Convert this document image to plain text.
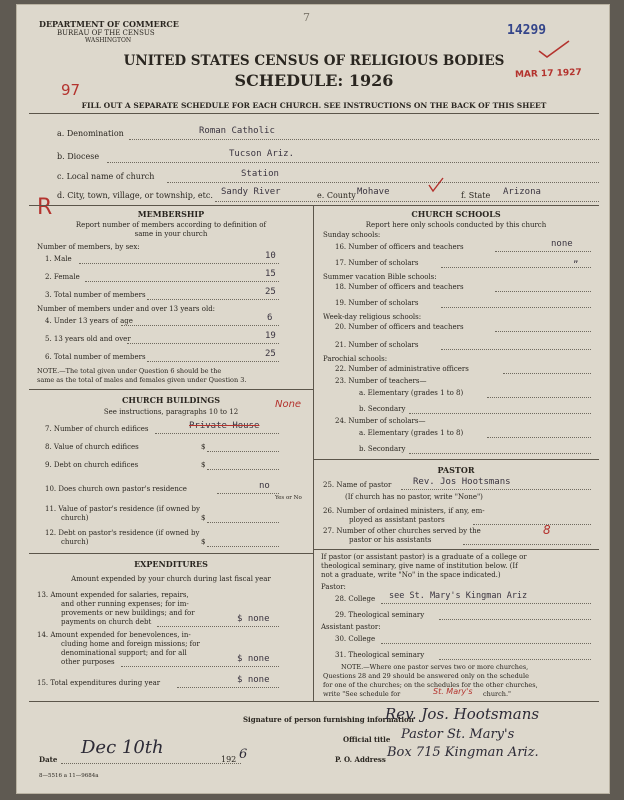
DEPARTMENT OF COMMERCE
BUREAU OF THE CENSUS
WASHINGTON
7
14299
UNITED STATES CENSUS OF RELIGIOUS BODIES
SCHEDULE: 1926	MAR 17 1927
97
FILL OUT A SEPARATE SCHEDULE FOR EACH CHURCH. SEE INSTRUCTIONS ON THE BACK OF THIS SHEET
a. Denomination	Roman Catholic
b. Diocese	Tucson Ariz.
c. Local name of church	Station
d. City, town, village, or township, etc. Sandy River	e. County Mohave	f. State Arizona
R	MEMBERSHIP
Report number of members according to definition of
same in your church
Number of members, by sex:
1. Male	10
2. Female	15
3. Total number of members	25
Number of members under and over 13 years old:
4. Under 13 years of age	6
5. 13 years old and over	19
6. Total number of members	25
NOTE.—The total given under Question 6 should be the
same as the total of males and females given under Question 3.
CHURCH BUILDINGS
See instructions, paragraphs 10 to 12
None
7. Number of church edifices	Private House
8. Value of church edifices	$
9. Debt on church edifices	$
10. Does church own pastor's residence	no
Yes or No
11. Value of pastor's residence (if owned by
church)	$
12. Debt on pastor's residence (if owned by
church)	$
EXPENDITURES
Amount expended by your church during last fiscal year
13. Amount expended for salaries, repairs,
and other running expenses; for im-
provements or new buildings; and for
payments on church debt	$ none
14. Amount expended for benevolences, in-
cluding home and foreign missions; for
denominational support; and for all
other purposes	$ none
15. Total expenditures during year	$ none
CHURCH SCHOOLS
Report here only schools conducted by this church
Sunday schools:
16. Number of officers and teachers	none
17. Number of scholars	„
Summer vacation Bible schools:
18. Number of officers and teachers
19. Number of scholars
Week-day religious schools:
20. Number of officers and teachers
21. Number of scholars
Parochial schools:
22. Number of administrative officers
23. Number of teachers—
a. Elementary (grades 1 to 8)
b. Secondary
24. Number of scholars—
a. Elementary (grades 1 to 8)
b. Secondary
PASTOR
25. Name of pastor Rev. Jos Hootsmans
(If church has no pastor, write "None")
26. Number of ordained ministers, if any, em-
ployed as assistant pastors
27. Number of other churches served by the
pastor or his assistants
8
If pastor (or assistant pastor) is a graduate of a college or
theological seminary, give name of institution below. (If
not a graduate, write "No" in the space indicated.)
Pastor:
28. College see St. Mary's Kingman Ariz
29. Theological seminary
Assistant pastor:
30. College
31. Theological seminary
NOTE.—Where one pastor serves two or more churches,
Questions 28 and 29 should be answered only on the schedule
for one of the churches; on the schedules for the other churches,
write "See schedule for	St. Mary's church."
Signature of person furnishing information
Rev. Jos. Hootsmans
Official title Pastor St. Mary's
P. O. Address Box 715 Kingman Ariz.
Date
Dec 10th
192 6
8—5516 a 11—9684a
